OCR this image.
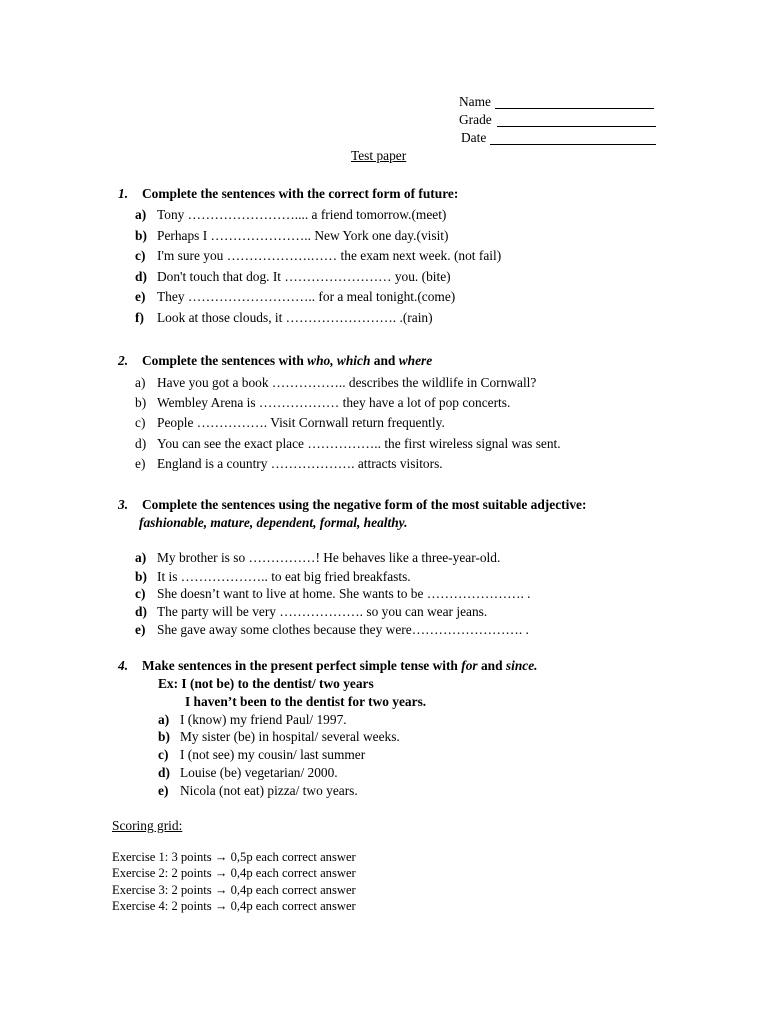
Name
Grade
Date
Test paper
1. Complete the sentences with the correct form of future:
a) Tony …………………….... a friend tomorrow.(meet)
b) Perhaps I ………………….. New York one day.(visit)
c) I'm sure you ……………….…… the exam next week. (not fail)
d) Don't touch that dog. It …………………… you. (bite)
e) They ……………………….. for a meal tonight.(come)
f) Look at those clouds, it ……………………. .(rain)
2. Complete the sentences with who, which and where
a) Have you got a book …………….. describes the wildlife in Cornwall?
b) Wembley Arena is ……………… they have a lot of pop concerts.
c) People ……………. Visit Cornwall return frequently.
d) You can see the exact place …………….. the first wireless signal was sent.
e) England is a country ………………. attracts visitors.
3. Complete the sentences using the negative form of the most suitable adjective:
fashionable, mature, dependent, formal, healthy.
a) My brother is so ……………! He behaves like a three-year-old.
b) It is ……………….. to eat big fried breakfasts.
c) She doesn’t want to live at home. She wants to be …………………. .
d) The party will be very ………………. so you can wear jeans.
e) She gave away some clothes because they were……………………. .
4. Make sentences in the present perfect simple tense with for and since.
Ex: I (not be) to the dentist/ two years
I haven’t been to the dentist for two years.
a) I (know) my friend Paul/ 1997.
b) My sister (be) in hospital/ several weeks.
c) I (not see) my cousin/ last summer
d) Louise (be) vegetarian/ 2000.
e) Nicola (not eat) pizza/ two years.
Scoring grid:
Exercise 1: 3 points → 0,5p each correct answer
Exercise 2: 2 points → 0,4p each correct answer
Exercise 3: 2 points → 0,4p each correct answer
Exercise 4: 2 points → 0,4p each correct answer
